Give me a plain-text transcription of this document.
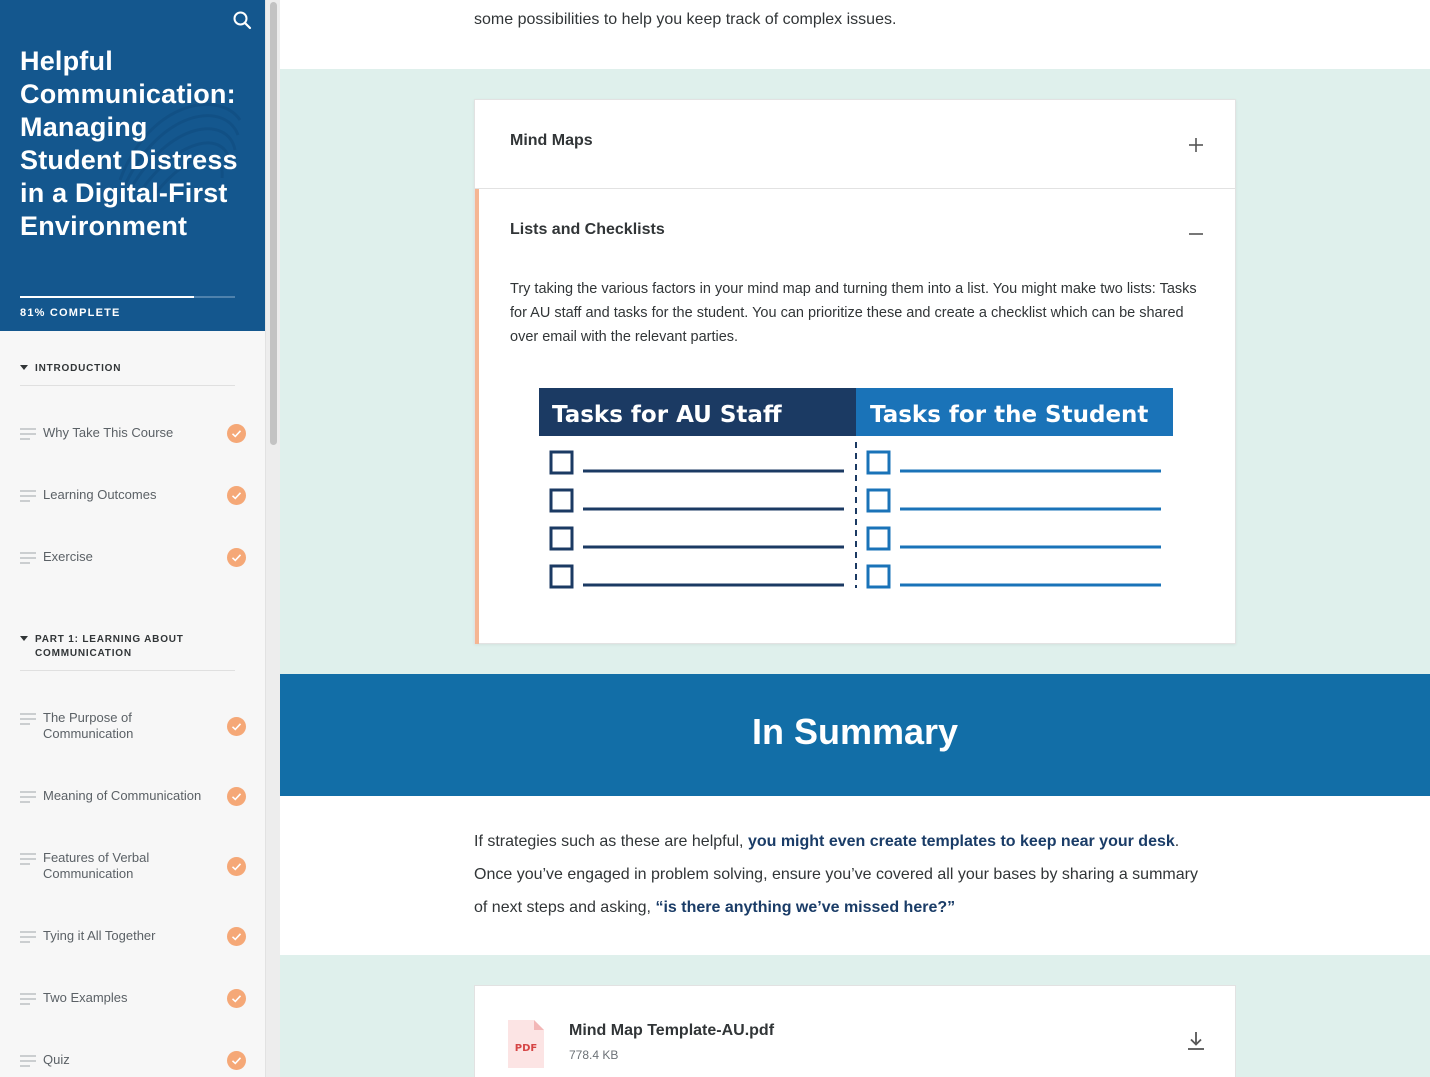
Helpful Communication: Managing Student Distress in a Digital-First Environment
81% COMPLETE
INTRODUCTION
Why Take This Course
Learning Outcomes
Exercise
PART 1: LEARNING ABOUT COMMUNICATION
The Purpose of Communication
Meaning of Communication
Features of Verbal Communication
Tying it All Together
Two Examples
Quiz
some possibilities to help you keep track of complex issues.
Mind Maps
Lists and Checklists
Try taking the various factors in your mind map and turning them into a list. You might make two lists: Tasks for AU staff and tasks for the student. You can prioritize these and create a checklist which can be shared over email with the relevant parties.
Tasks for AU Staff	Tasks for the Student
In Summary
If strategies such as these are helpful, you might even create templates to keep near your desk. Once you’ve engaged in problem solving, ensure you’ve covered all your bases by sharing a summary of next steps and asking, “is there anything we’ve missed here?”
PDF
Mind Map Template-AU.pdf
778.4 KB
